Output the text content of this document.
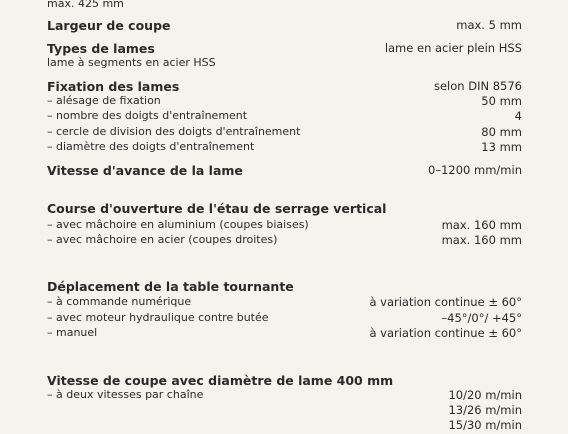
max. 425 mm
Largeur de coupe	max. 5 mm
Types de lames	lame en acier plein HSS
lame à segments en acier HSS
Fixation des lames	selon DIN 8576
– alésage de fixation	50 mm
– nombre des doigts d'entraînement	4
– cercle de division des doigts d'entraînement	80 mm
– diamètre des doigts d'entraînement	13 mm
Vitesse d'avance de la lame	0–1200 mm/min
Course d'ouverture de l'étau de serrage vertical
– avec mâchoire en aluminium (coupes biaises)	max. 160 mm
– avec mâchoire en acier (coupes droites)	max. 160 mm
Déplacement de la table tournante
– à commande numérique	à variation continue ± 60°
– avec moteur hydraulique contre butée	–45°/0°/ +45°
– manuel	à variation continue ± 60°
Vitesse de coupe avec diamètre de lame 400 mm
– à deux vitesses par chaîne	10/20 m/min
13/26 m/min
15/30 m/min
